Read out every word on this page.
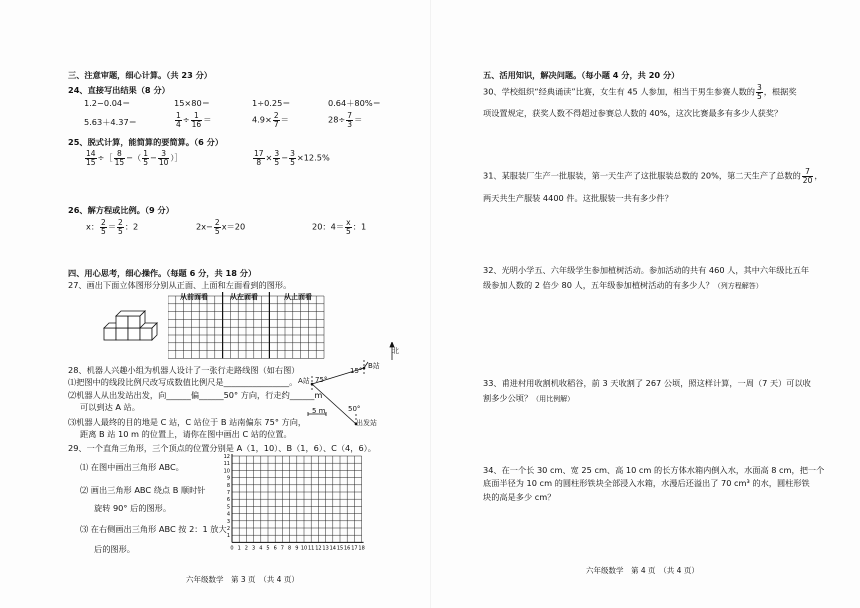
三、注意审题，细心计算。（共 23 分）
24、直接写出结果（8 分）
1.2−0.04＝	15×80＝	1÷0.25＝	0.64＋80%＝
5.63＋4.37＝	$\frac{1}{4} \div \frac{1}{16}$ ＝	$4.9\times \frac{2}{7}$ ＝	$28\div \frac{7}{3}$ ＝
25、脱式计算，能简算的要简算。（6 分）
$\frac{14}{15}$ ÷［ $\frac{8}{15}$ −（ $\frac{1}{5} - \frac{3}{10}$ ）］	$\frac{17}{8} \times \frac{3}{5} - \frac{3}{5} \times 12.5\%$
26、解方程或比例。（9 分）
x： $\frac{2}{5} = \frac{2}{5}$ ：2	$2x- \frac{2}{5} x=20$	20：$4= \frac{x}{5}$ ：1
四、用心思考，细心操作。（每题 6 分，共 18 分）
27、画出下面立体图形分别从正面、上面和左面看到的图形。
从前面看	从左面看	从上面看
28、机器人兴趣小组为机器人设计了一张行走路线图（如右图）
⑴把图中的线段比例尺改写成数值比例尺是________________。
⑵机器人从出发站出发，向______偏______50° 方向，行走约______m
可以到达 A 站。
⑶机器人最终的目的地是 C 站，C 站位于 B 站南偏东 75° 方向，
距离 B 站 10 m 的位置上，请你在图中画出 C 站的位置。
北
A站 75°
15°
B站
50°
出发站
5 m
29、一个直角三角形，三个顶点的位置分别是 A（1，10）、B（1，6）、C（4，6）。
⑴ 在图中画出三角形 ABC。
⑵ 画出三角形 ABC 绕点 B 顺时针
旋转 90° 后的图形。
⑶ 在右侧画出三角形 ABC 按 2：1 放大
后的图形。	0 1 2 3 4 5 6 7 8 9 10 11 12 13 14 15 16 17 18
12
11
10
9
8
7
6
5
4
3
2
1
六年级数学　第 3 页　（共 4 页）
五、活用知识，解决问题。（每小题 4 分，共 20 分）
30、学校组织“经典诵读”比赛，女生有 45 人参加，相当于男生参赛人数的 $\frac{3}{5}$ ，根据奖
项设置规定，获奖人数不得超过参赛总人数的 40%，这次比赛最多有多少人获奖？
31、某服装厂生产一批服装，第一天生产了这批服装总数的 20%，第二天生产了总数的 $\frac{7}{20}$ ，
两天共生产服装 4400 件。这批服装一共有多少件？
32、光明小学五、六年级学生参加植树活动。参加活动的共有 460 人，其中六年级比五年
级参加人数的 2 倍少 80 人，五年级参加植树活动的有多少人？（列方程解答）
33、甫进村用收割机收稻谷，前 3 天收割了 267 公顷，照这样计算，一周（7 天）可以收
割多少公顷？（用比例解）
34、在一个长 30 cm、宽 25 cm、高 10 cm 的长方体水箱内倒入水，水面高 8 cm，把一个
底面半径为 10 cm 的圆柱形铁块全部浸入水箱，水漫后还溢出了 70 cm³ 的水，圆柱形铁
块的高是多少 cm？
六年级数学　第 4 页　（共 4 页）
